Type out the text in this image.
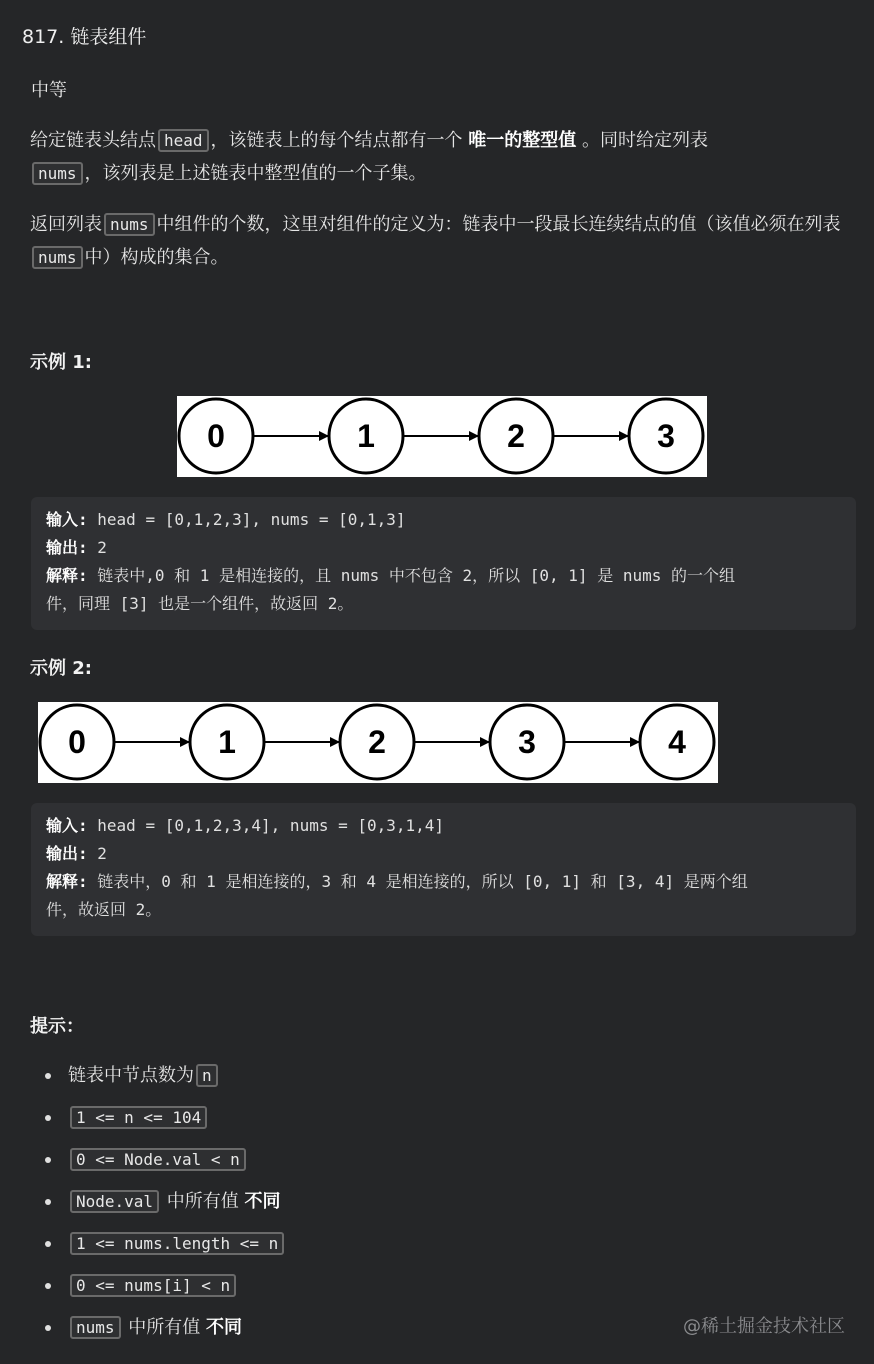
817. 链表组件
中等
给定链表头结点 head ，该链表上的每个结点都有一个 唯一的整型值 。同时给定列表
nums ，该列表是上述链表中整型值的一个子集。
返回列表 nums 中组件的个数，这里对组件的定义为：链表中一段最长连续结点的值（该值必须在列表nums 中）构成的集合。
示例 1:
0	1	2	3
输入: head = [0,1,2,3], nums = [0,1,3]
输出: 2
解释: 链表中,0 和 1 是相连接的，且 nums 中不包含 2，所以 [0, 1] 是 nums 的一个组
件，同理 [3] 也是一个组件，故返回 2。
示例 2:
0	1	2	3	4
输入: head = [0,1,2,3,4], nums = [0,3,1,4]
输出: 2
解释: 链表中，0 和 1 是相连接的，3 和 4 是相连接的，所以 [0, 1] 和 [3, 4] 是两个组
件，故返回 2。
提示：
链表中节点数为 n
1 <= n <= 104
0 <= Node.val < n
Node.val 中所有值 不同
1 <= nums.length <= n
0 <= nums[i] < n
nums 中所有值 不同	@稀土掘金技术社区
